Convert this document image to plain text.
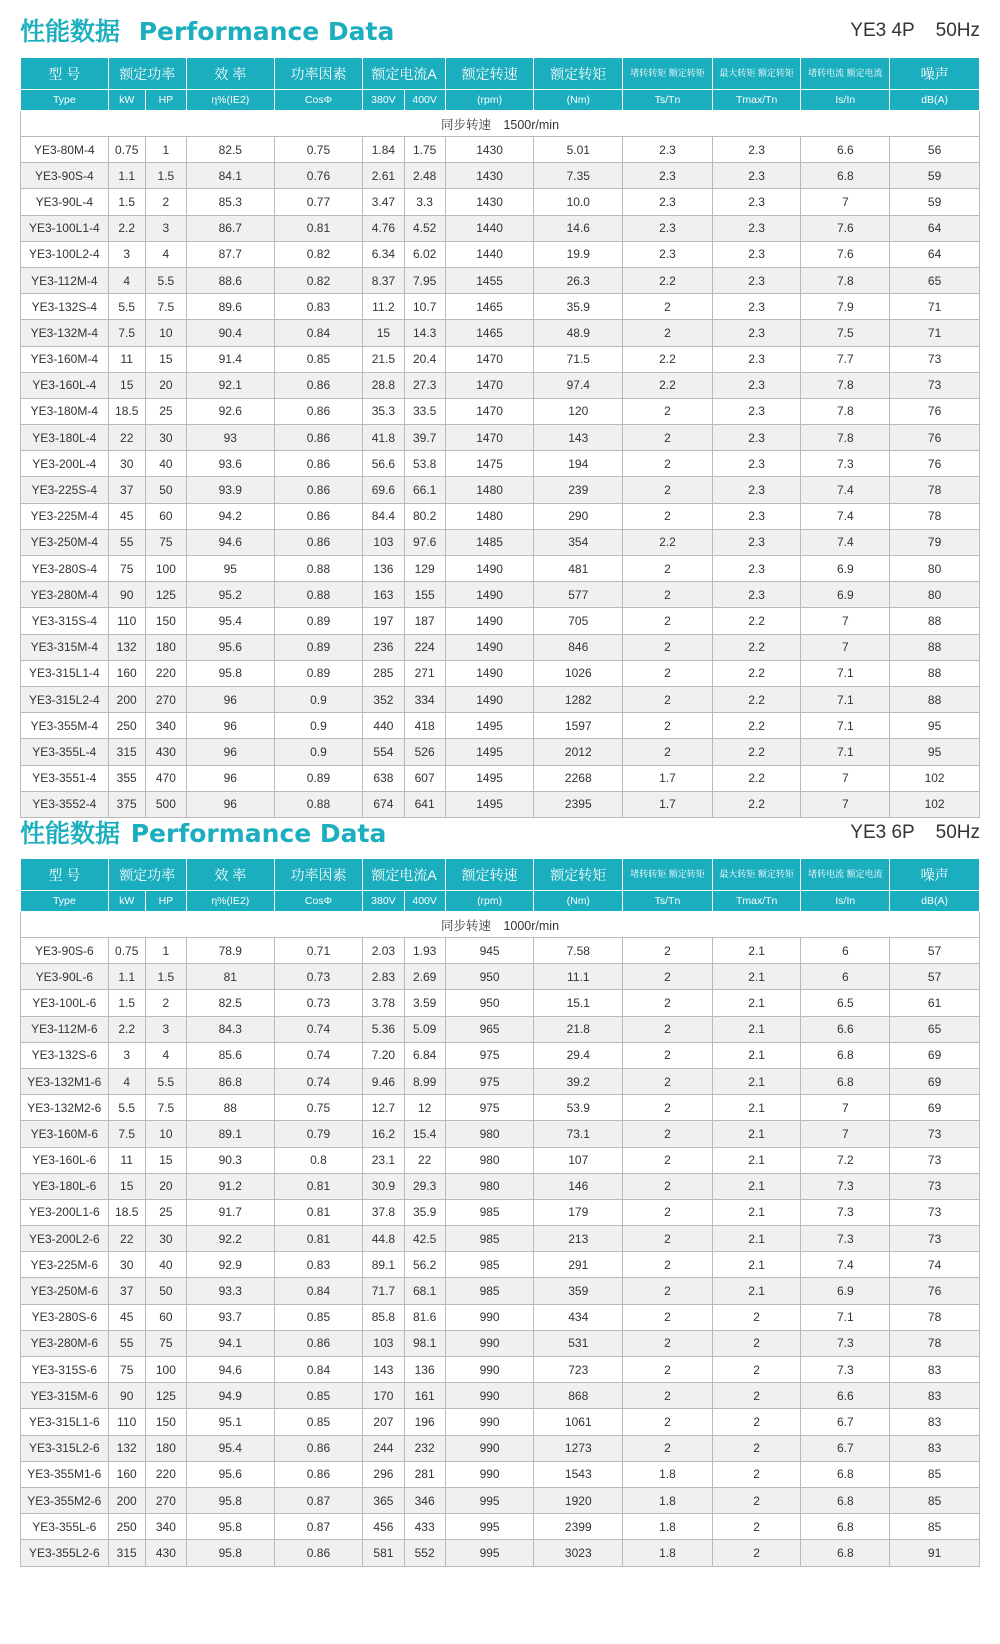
性能数据 Performance Data	YE3 4P 50Hz
型 号	额定功率		效 率	功率因素	额定电流A		额定转速	额定转矩	堵转转矩 额定转矩	最大转矩 额定转矩	堵转电流 额定电流	噪声
Type	kW	HP	η%(IE2)	CosΦ	380V	400V	(rpm)	(Nm)	Ts/Tn	Tmax/Tn	Is/In	dB(A)
同步转速　1500r/min												
YE3-80M-4	0.75	1	82.5	0.75	1.84	1.75	1430	5.01	2.3	2.3	6.6	56
YE3-90S-4	1.1	1.5	84.1	0.76	2.61	2.48	1430	7.35	2.3	2.3	6.8	59
YE3-90L-4	1.5	2	85.3	0.77	3.47	3.3	1430	10.0	2.3	2.3	7	59
YE3-100L1-4	2.2	3	86.7	0.81	4.76	4.52	1440	14.6	2.3	2.3	7.6	64
YE3-100L2-4	3	4	87.7	0.82	6.34	6.02	1440	19.9	2.3	2.3	7.6	64
YE3-112M-4	4	5.5	88.6	0.82	8.37	7.95	1455	26.3	2.2	2.3	7.8	65
YE3-132S-4	5.5	7.5	89.6	0.83	11.2	10.7	1465	35.9	2	2.3	7.9	71
YE3-132M-4	7.5	10	90.4	0.84	15	14.3	1465	48.9	2	2.3	7.5	71
YE3-160M-4	11	15	91.4	0.85	21.5	20.4	1470	71.5	2.2	2.3	7.7	73
YE3-160L-4	15	20	92.1	0.86	28.8	27.3	1470	97.4	2.2	2.3	7.8	73
YE3-180M-4	18.5	25	92.6	0.86	35.3	33.5	1470	120	2	2.3	7.8	76
YE3-180L-4	22	30	93	0.86	41.8	39.7	1470	143	2	2.3	7.8	76
YE3-200L-4	30	40	93.6	0.86	56.6	53.8	1475	194	2	2.3	7.3	76
YE3-225S-4	37	50	93.9	0.86	69.6	66.1	1480	239	2	2.3	7.4	78
YE3-225M-4	45	60	94.2	0.86	84.4	80.2	1480	290	2	2.3	7.4	78
YE3-250M-4	55	75	94.6	0.86	103	97.6	1485	354	2.2	2.3	7.4	79
YE3-280S-4	75	100	95	0.88	136	129	1490	481	2	2.3	6.9	80
YE3-280M-4	90	125	95.2	0.88	163	155	1490	577	2	2.3	6.9	80
YE3-315S-4	110	150	95.4	0.89	197	187	1490	705	2	2.2	7	88
YE3-315M-4	132	180	95.6	0.89	236	224	1490	846	2	2.2	7	88
YE3-315L1-4	160	220	95.8	0.89	285	271	1490	1026	2	2.2	7.1	88
YE3-315L2-4	200	270	96	0.9	352	334	1490	1282	2	2.2	7.1	88
YE3-355M-4	250	340	96	0.9	440	418	1495	1597	2	2.2	7.1	95
YE3-355L-4	315	430	96	0.9	554	526	1495	2012	2	2.2	7.1	95
YE3-3551-4	355	470	96	0.89	638	607	1495	2268	1.7	2.2	7	102
YE3-3552-4	375	500	96	0.88	674	641	1495	2395	1.7	2.2	7	102
性能数据 Performance Data	YE3 6P 50Hz
型 号	额定功率		效 率	功率因素	额定电流A		额定转速	额定转矩	堵转转矩 额定转矩	最大转矩 额定转矩	堵转电流 额定电流	噪声
Type	kW	HP	η%(IE2)	CosΦ	380V	400V	(rpm)	(Nm)	Ts/Tn	Tmax/Tn	Is/In	dB(A)
同步转速　1000r/min												
YE3-90S-6	0.75	1	78.9	0.71	2.03	1.93	945	7.58	2	2.1	6	57
YE3-90L-6	1.1	1.5	81	0.73	2.83	2.69	950	11.1	2	2.1	6	57
YE3-100L-6	1.5	2	82.5	0.73	3.78	3.59	950	15.1	2	2.1	6.5	61
YE3-112M-6	2.2	3	84.3	0.74	5.36	5.09	965	21.8	2	2.1	6.6	65
YE3-132S-6	3	4	85.6	0.74	7.20	6.84	975	29.4	2	2.1	6.8	69
YE3-132M1-6	4	5.5	86.8	0.74	9.46	8.99	975	39.2	2	2.1	6.8	69
YE3-132M2-6	5.5	7.5	88	0.75	12.7	12	975	53.9	2	2.1	7	69
YE3-160M-6	7.5	10	89.1	0.79	16.2	15.4	980	73.1	2	2.1	7	73
YE3-160L-6	11	15	90.3	0.8	23.1	22	980	107	2	2.1	7.2	73
YE3-180L-6	15	20	91.2	0.81	30.9	29.3	980	146	2	2.1	7.3	73
YE3-200L1-6	18.5	25	91.7	0.81	37.8	35.9	985	179	2	2.1	7.3	73
YE3-200L2-6	22	30	92.2	0.81	44.8	42.5	985	213	2	2.1	7.3	73
YE3-225M-6	30	40	92.9	0.83	89.1	56.2	985	291	2	2.1	7.4	74
YE3-250M-6	37	50	93.3	0.84	71.7	68.1	985	359	2	2.1	6.9	76
YE3-280S-6	45	60	93.7	0.85	85.8	81.6	990	434	2	2	7.1	78
YE3-280M-6	55	75	94.1	0.86	103	98.1	990	531	2	2	7.3	78
YE3-315S-6	75	100	94.6	0.84	143	136	990	723	2	2	7.3	83
YE3-315M-6	90	125	94.9	0.85	170	161	990	868	2	2	6.6	83
YE3-315L1-6	110	150	95.1	0.85	207	196	990	1061	2	2	6.7	83
YE3-315L2-6	132	180	95.4	0.86	244	232	990	1273	2	2	6.7	83
YE3-355M1-6	160	220	95.6	0.86	296	281	990	1543	1.8	2	6.8	85
YE3-355M2-6	200	270	95.8	0.87	365	346	995	1920	1.8	2	6.8	85
YE3-355L-6	250	340	95.8	0.87	456	433	995	2399	1.8	2	6.8	85
YE3-355L2-6	315	430	95.8	0.86	581	552	995	3023	1.8	2	6.8	91
